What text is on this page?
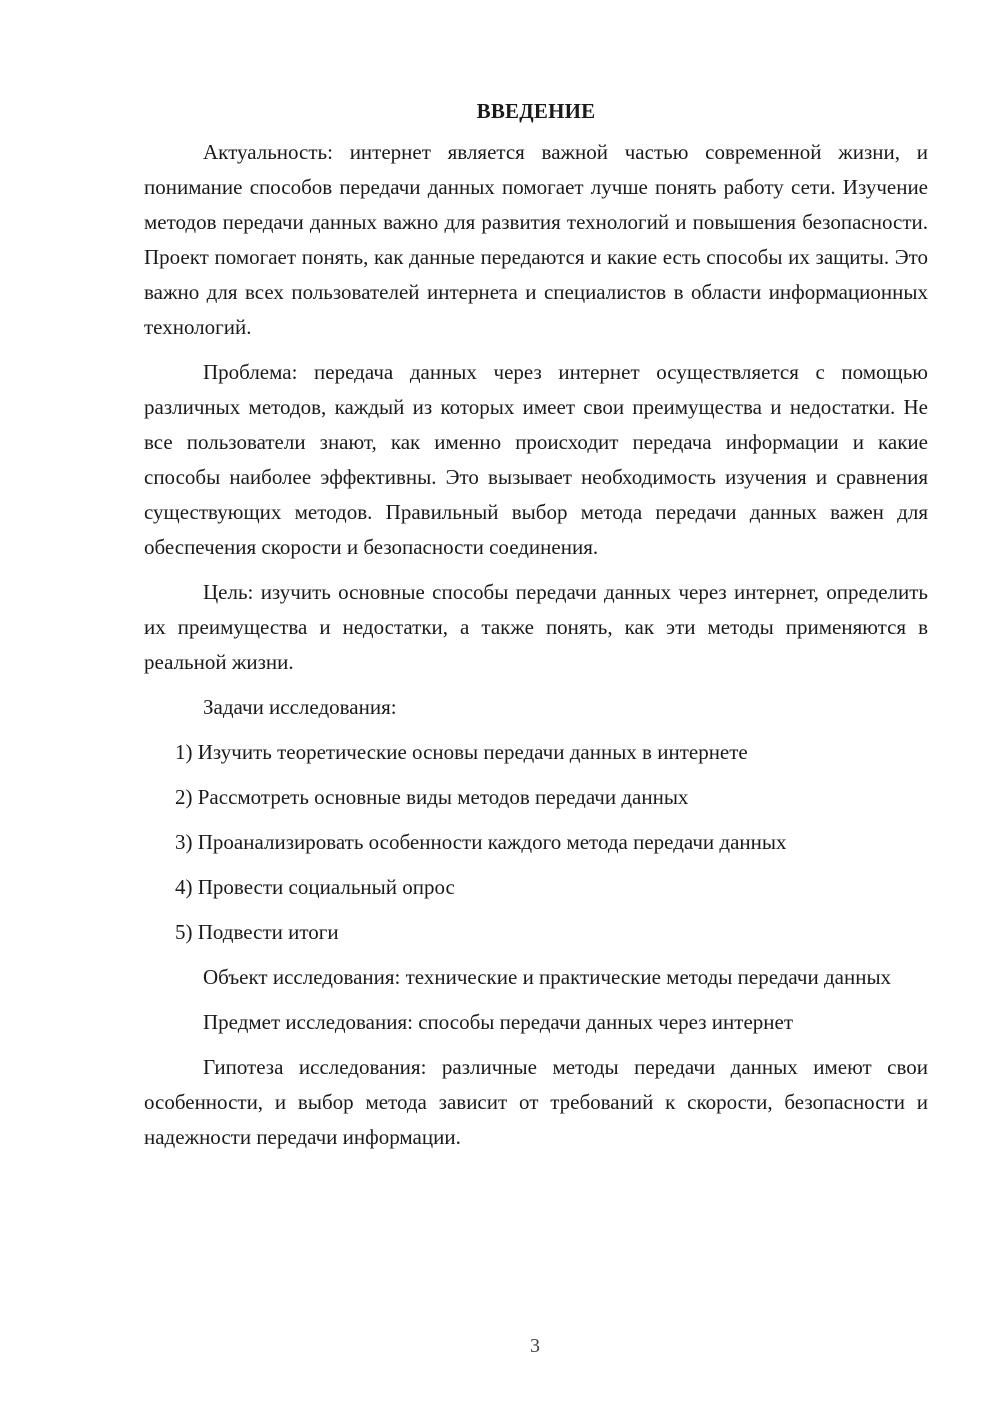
ВВЕДЕНИЕ

Актуальность: интернет является важной частью современной жизни, и понимание способов передачи данных помогает лучше понять работу сети. Изучение методов передачи данных важно для развития технологий и повышения безопасности. Проект помогает понять, как данные передаются и какие есть способы их защиты. Это важно для всех пользователей интернета и специалистов в области информационных технологий.

Проблема: передача данных через интернет осуществляется с помощью различных методов, каждый из которых имеет свои преимущества и недостатки. Не все пользователи знают, как именно происходит передача информации и какие способы наиболее эффективны. Это вызывает необходимость изучения и сравнения существующих методов. Правильный выбор метода передачи данных важен для обеспечения скорости и безопасности соединения.

Цель: изучить основные способы передачи данных через интернет, определить их преимущества и недостатки, а также понять, как эти методы применяются в реальной жизни.

Задачи исследования:

1) Изучить теоретические основы передачи данных в интернете
2) Рассмотреть основные виды методов передачи данных
3) Проанализировать особенности каждого метода передачи данных
4) Провести социальный опрос
5) Подвести итоги

Объект исследования: технические и практические методы передачи данных

Предмет исследования: способы передачи данных через интернет

Гипотеза исследования: различные методы передачи данных имеют свои особенности, и выбор метода зависит от требований к скорости, безопасности и надежности передачи информации.

3
